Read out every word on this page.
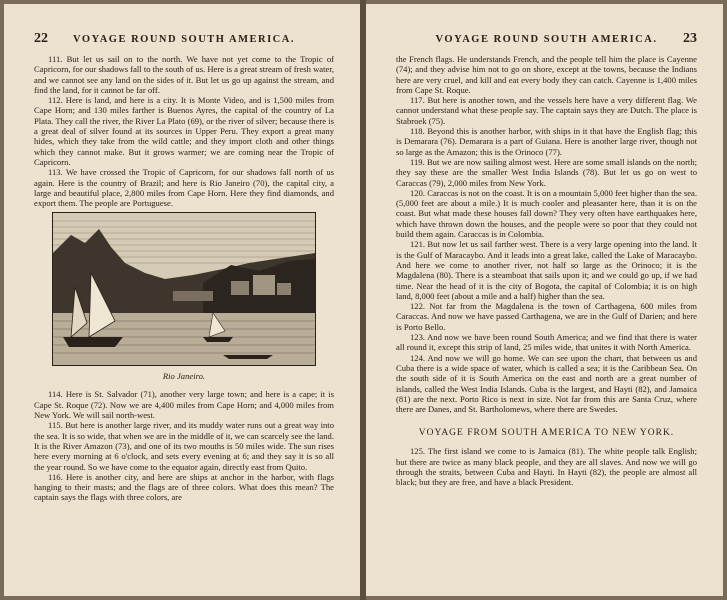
22 VOYAGE ROUND SOUTH AMERICA.

111. But let us sail on to the north. We have not yet come to the Tropic of Capricorn, for our shadows fall to the south of us. Here is a great stream of fresh water, and we cannot see any land on the sides of it. But let us go up against the stream, and find the land, for it cannot be far off.

112. Here is land, and here is a city. It is Monte Video, and is 1,500 miles from Cape Horn; and 130 miles farther is Buenos Ayres, the capital of the country of La Plata. They call the river, the River La Plato (69), or the river of silver; because there is a great deal of silver found at its sources in Upper Peru. They export a great many hides, which they take from the wild cattle; and they import cloth and other things which they cannot make. But it grows warmer; we are coming near the Tropic of Capricorn.

113. We have crossed the Tropic of Capricorn, for our shadows fall north of us again. Here is the country of Brazil; and here is Rio Janeiro (70), the capital city, a large and beautiful place, 2,800 miles from Cape Horn. Here they find diamonds, and export them. The people are Portuguese.

Rio Janeiro.

114. Here is St. Salvador (71), another very large town; and here is a cape; it is Cape St. Roque (72). Now we are 4,400 miles from Cape Horn; and 4,000 miles from New York. We will sail north-west.

115. But here is another large river, and its muddy water runs out a great way into the sea. It is so wide, that when we are in the middle of it, we can scarcely see the land. It is the River Amazon (73), and one of its two mouths is 50 miles wide. The sun rises here every morning at 6 o'clock, and sets every evening at 6; and they say it is so all the year round. So we have come to the equator again, directly east from Quito.

116. Here is another city, and here are ships at anchor in the harbor, with flags hanging to their masts; and the flags are of three colors. What does this mean? The captain says the flags with three colors, are

VOYAGE ROUND SOUTH AMERICA. 23

the French flags. He understands French, and the people tell him the place is Cayenne (74); and they advise him not to go on shore, except at the towns, because the Indians here are very cruel, and kill and eat every body they can catch. Cayenne is 1,400 miles from Cape St. Roque.

117. But here is another town, and the vessels here have a very different flag. We cannot understand what these people say. The captain says they are Dutch. The place is Stabroek (75).

118. Beyond this is another harbor, with ships in it that have the English flag; this is Demarara (76). Demarara is a part of Guiana. Here is another large river, though not so large as the Amazon; this is the Orinoco (77).

119. But we are now sailing almost west. Here are some small islands on the north; they say these are the smaller West India Islands (78). But let us go on west to Caraccas (79), 2,000 miles from New York.

120. Caraccas is not on the coast. It is on a mountain 5,000 feet higher than the sea. (5,000 feet are about a mile.) It is much cooler and pleasanter here, than it is on the coast. But what made these houses fall down? They very often have earthquakes here, which have thrown down the houses, and the people were so poor that they could not build them again. Caraccas is in Colombia.

121. But now let us sail farther west. There is a very large opening into the land. It is the Gulf of Maracaybo. And it leads into a great lake, called the Lake of Maracaybo. And here we come to another river, not half so large as the Orinoco; it is the Magdalena (80). There is a steamboat that sails upon it; and we could go up, if we had time. Near the head of it is the city of Bogota, the capital of Colombia; it is on high land, 8,000 feet (about a mile and a half) higher than the sea.

122. Not far from the Magdalena is the town of Carthagena, 600 miles from Caraccas. And now we have passed Carthagena, we are in the Gulf of Darien; and here is Porto Bello.

123. And now we have been round South America; and we find that there is water all round it, except this strip of land, 25 miles wide, that unites it with North America.

124. And now we will go home. We can see upon the chart, that between us and Cuba there is a wide space of water, which is called a sea; it is the Caribbean Sea. On the south side of it is South America on the east and north are a great number of islands, called the West India Islands. Cuba is the largest, and Hayti (82), and Jamaica (81) are the next. Porto Rico is next in size. Not far from this are Santa Cruz, where there are Danes, and St. Bartholomews, where there are Swedes.

VOYAGE FROM SOUTH AMERICA TO NEW YORK.

125. The first island we come to is Jamaica (81). The white people talk English; but there are twice as many black people, and they are all slaves. And now we will go through the straits, between Cuba and Hayti. In Hayti (82), the people are almost all black; but they are free, and have a black President.
